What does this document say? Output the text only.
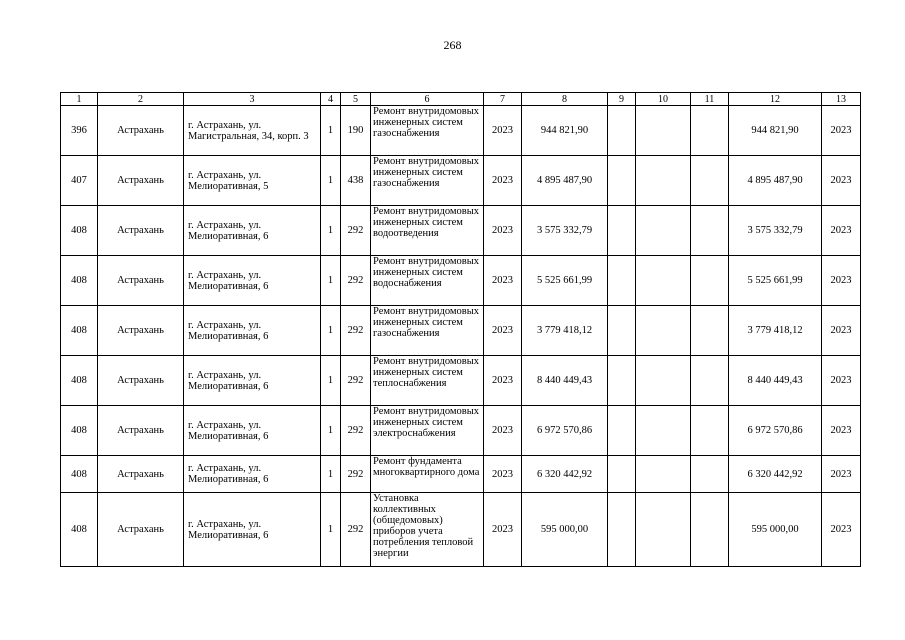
268
1	2	3	4	5	6	7	8	9	10	11	12	13
396	Астрахань	г. Астрахань, ул. Магистральная, 34, корп. 3	1	190	Ремонт внутридомовых инженерных систем газоснабжения	2023	944 821,90				944 821,90	2023
407	Астрахань	г. Астрахань, ул. Мелиоративная, 5	1	438	Ремонт внутридомовых инженерных систем газоснабжения	2023	4 895 487,90				4 895 487,90	2023
408	Астрахань	г. Астрахань, ул. Мелиоративная, 6	1	292	Ремонт внутридомовых инженерных систем водоотведения	2023	3 575 332,79				3 575 332,79	2023
408	Астрахань	г. Астрахань, ул. Мелиоративная, 6	1	292	Ремонт внутридомовых инженерных систем водоснабжения	2023	5 525 661,99				5 525 661,99	2023
408	Астрахань	г. Астрахань, ул. Мелиоративная, 6	1	292	Ремонт внутридомовых инженерных систем газоснабжения	2023	3 779 418,12				3 779 418,12	2023
408	Астрахань	г. Астрахань, ул. Мелиоративная, 6	1	292	Ремонт внутридомовых инженерных систем теплоснабжения	2023	8 440 449,43				8 440 449,43	2023
408	Астрахань	г. Астрахань, ул. Мелиоративная, 6	1	292	Ремонт внутридомовых инженерных систем электроснабжения	2023	6 972 570,86				6 972 570,86	2023
408	Астрахань	г. Астрахань, ул. Мелиоративная, 6	1	292	Ремонт фундамента многоквартирного дома	2023	6 320 442,92				6 320 442,92	2023
408	Астрахань	г. Астрахань, ул. Мелиоративная, 6	1	292	Установка коллективных (общедомовых) приборов учета потребления тепловой энергии	2023	595 000,00				595 000,00	2023
